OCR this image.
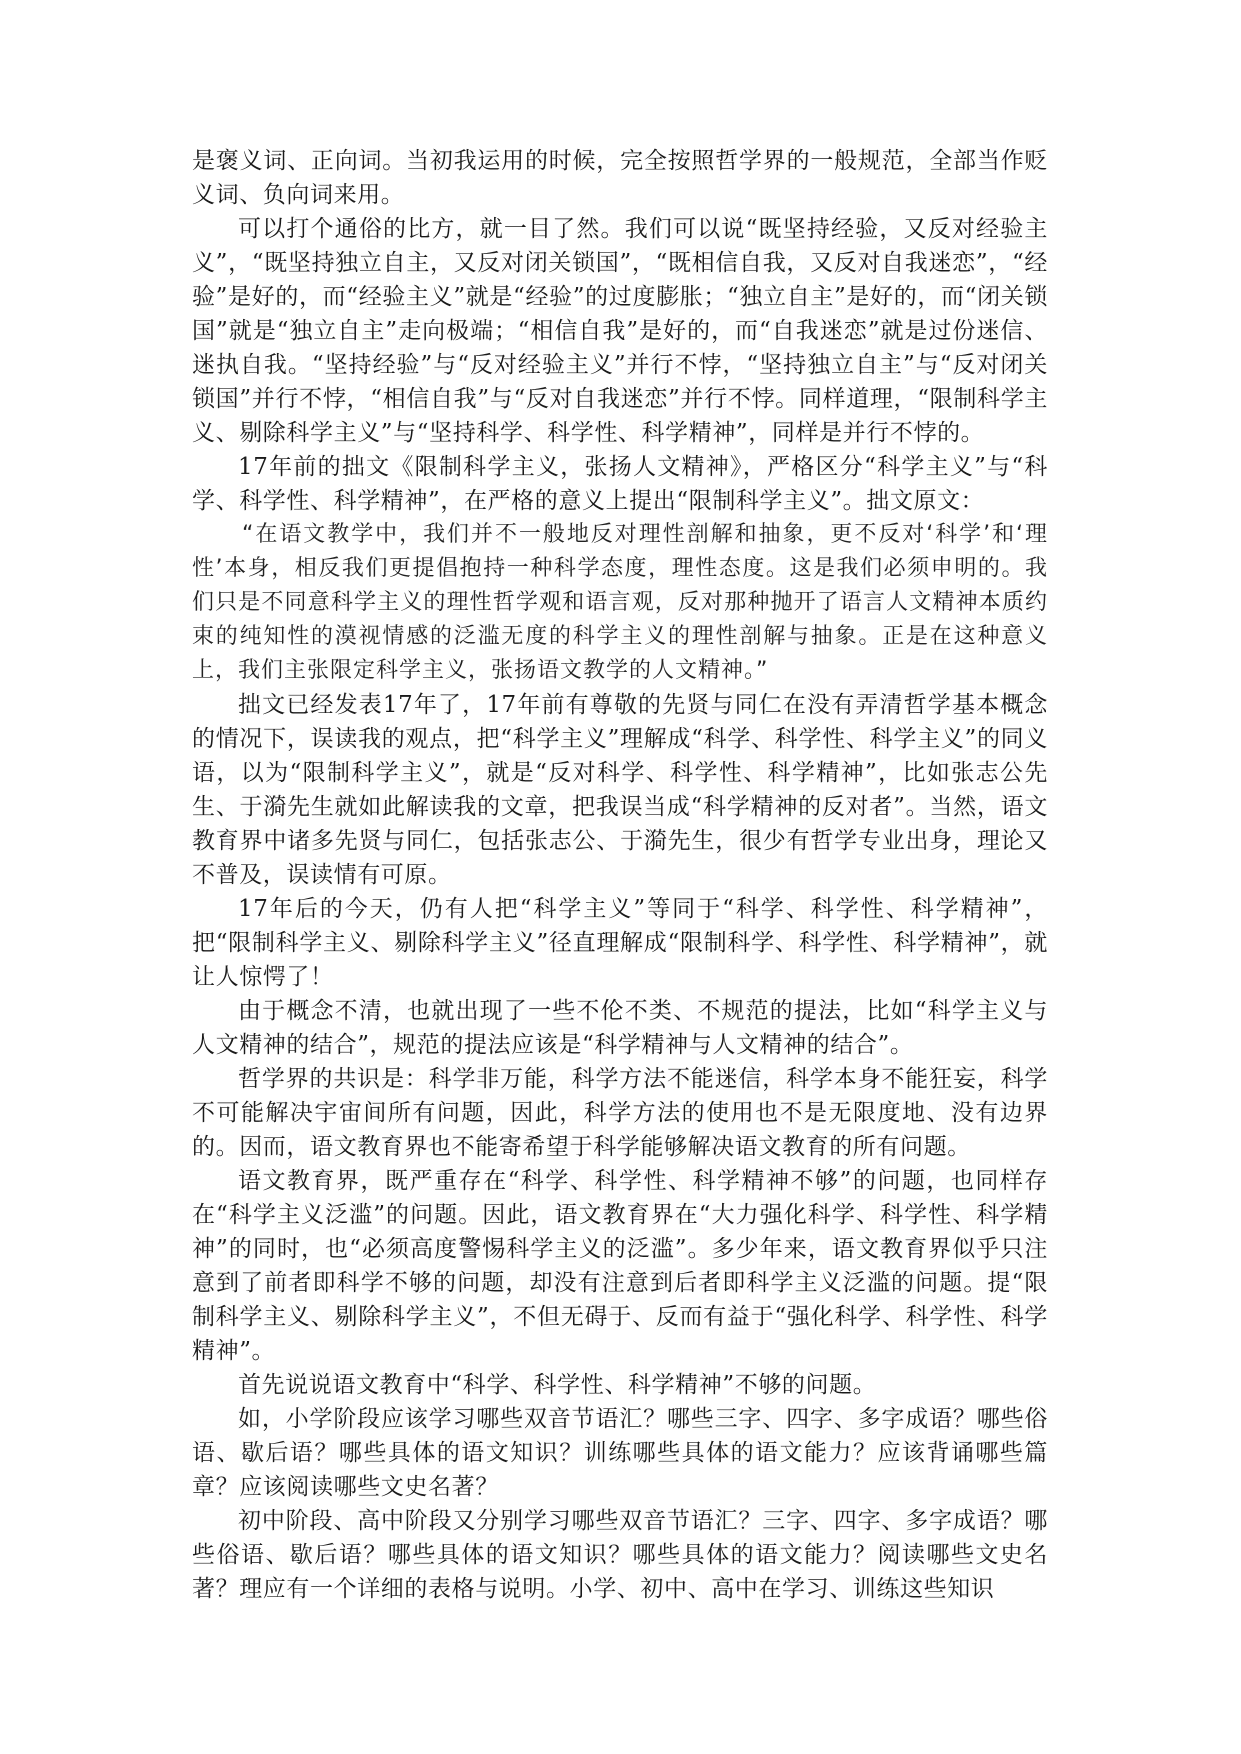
是褒义词、正向词。当初我运用的时候，完全按照哲学界的一般规范，全部当作贬义词、负向词来用。

可以打个通俗的比方，就一目了然。我们可以说“既坚持经验，又反对经验主义”，“既坚持独立自主，又反对闭关锁国”，“既相信自我，又反对自我迷恋”，“经验”是好的，而“经验主义”就是“经验”的过度膨胀；“独立自主”是好的，而“闭关锁国”就是“独立自主”走向极端；“相信自我”是好的，而“自我迷恋”就是过份迷信、迷执自我。“坚持经验”与“反对经验主义”并行不悖，“坚持独立自主”与“反对闭关锁国”并行不悖，“相信自我”与“反对自我迷恋”并行不悖。同样道理，“限制科学主义、剔除科学主义”与“坚持科学、科学性、科学精神”，同样是并行不悖的。

17年前的拙文《限制科学主义，张扬人文精神》，严格区分“科学主义”与“科学、科学性、科学精神”，在严格的意义上提出“限制科学主义”。拙文原文：

“在语文教学中，我们并不一般地反对理性剖解和抽象，更不反对‘科学’和‘理性’本身，相反我们更提倡抱持一种科学态度，理性态度。这是我们必须申明的。我们只是不同意科学主义的理性哲学观和语言观，反对那种抛开了语言人文精神本质约束的纯知性的漠视情感的泛滥无度的科学主义的理性剖解与抽象。正是在这种意义上，我们主张限定科学主义，张扬语文教学的人文精神。”

拙文已经发表17年了，17年前有尊敬的先贤与同仁在没有弄清哲学基本概念的情况下，误读我的观点，把“科学主义”理解成“科学、科学性、科学主义”的同义语，以为“限制科学主义”，就是“反对科学、科学性、科学精神”，比如张志公先生、于漪先生就如此解读我的文章，把我误当成“科学精神的反对者”。当然，语文教育界中诸多先贤与同仁，包括张志公、于漪先生，很少有哲学专业出身，理论又不普及，误读情有可原。

17年后的今天，仍有人把“科学主义”等同于“科学、科学性、科学精神”，把“限制科学主义、剔除科学主义”径直理解成“限制科学、科学性、科学精神”，就让人惊愕了！

由于概念不清，也就出现了一些不伦不类、不规范的提法，比如“科学主义与人文精神的结合”，规范的提法应该是“科学精神与人文精神的结合”。

哲学界的共识是：科学非万能，科学方法不能迷信，科学本身不能狂妄，科学不可能解决宇宙间所有问题，因此，科学方法的使用也不是无限度地、没有边界的。因而，语文教育界也不能寄希望于科学能够解决语文教育的所有问题。

语文教育界，既严重存在“科学、科学性、科学精神不够”的问题，也同样存在“科学主义泛滥”的问题。因此，语文教育界在“大力强化科学、科学性、科学精神”的同时，也“必须高度警惕科学主义的泛滥”。多少年来，语文教育界似乎只注意到了前者即科学不够的问题，却没有注意到后者即科学主义泛滥的问题。提“限制科学主义、剔除科学主义”，不但无碍于、反而有益于“强化科学、科学性、科学精神”。

首先说说语文教育中“科学、科学性、科学精神”不够的问题。

如，小学阶段应该学习哪些双音节语汇？哪些三字、四字、多字成语？哪些俗语、歇后语？哪些具体的语文知识？训练哪些具体的语文能力？应该背诵哪些篇章？应该阅读哪些文史名著？

初中阶段、高中阶段又分别学习哪些双音节语汇？三字、四字、多字成语？哪些俗语、歇后语？哪些具体的语文知识？哪些具体的语文能力？阅读哪些文史名著？理应有一个详细的表格与说明。小学、初中、高中在学习、训练这些知识
